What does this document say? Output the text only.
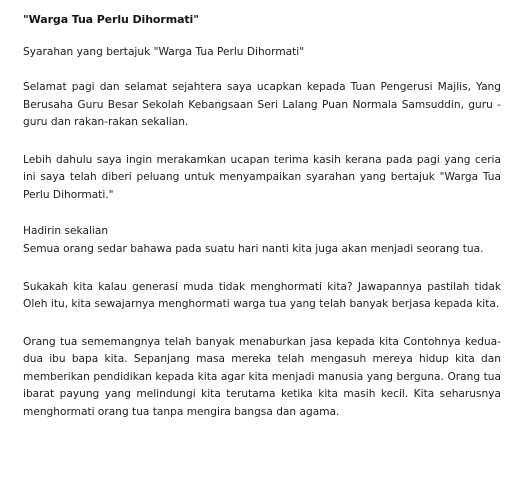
"Warga Tua Perlu Dihormati"
Syarahan yang bertajuk "Warga Tua Perlu Dihormati"

Selamat pagi dan selamat sejahtera saya ucapkan kepada Tuan Pengerusi Majlis, Yang Berusaha Guru Besar Sekolah Kebangsaan Seri Lalang Puan Normala Samsuddin, guru -guru dan rakan-rakan sekalian.

Lebih dahulu saya ingin merakamkan ucapan terima kasih kerana pada pagi yang ceria ini saya telah diberi peluang untuk menyampaikan syarahan yang bertajuk "Warga Tua Perlu Dihormati."

Hadirin sekalian

Semua orang sedar bahawa pada suatu hari nanti kita juga akan menjadi seorang tua.

Sukakah kita kalau generasi muda tidak menghormati kita? Jawapannya pastilah tidak Oleh itu, kita sewajarnya menghormati warga tua yang telah banyak berjasa kepada kita.

Orang tua sememangnya telah banyak menaburkan jasa kepada kita Contohnya kedua-dua ibu bapa kita. Sepanjang masa mereka telah mengasuh mereya hidup kita dan memberikan pendidikan kepada kita agar kita menjadi manusia yang berguna. Orang tua ibarat payung yang melindungi kita terutama ketika kita masih kecil. Kita seharusnya menghormati orang tua tanpa mengira bangsa dan agama.
